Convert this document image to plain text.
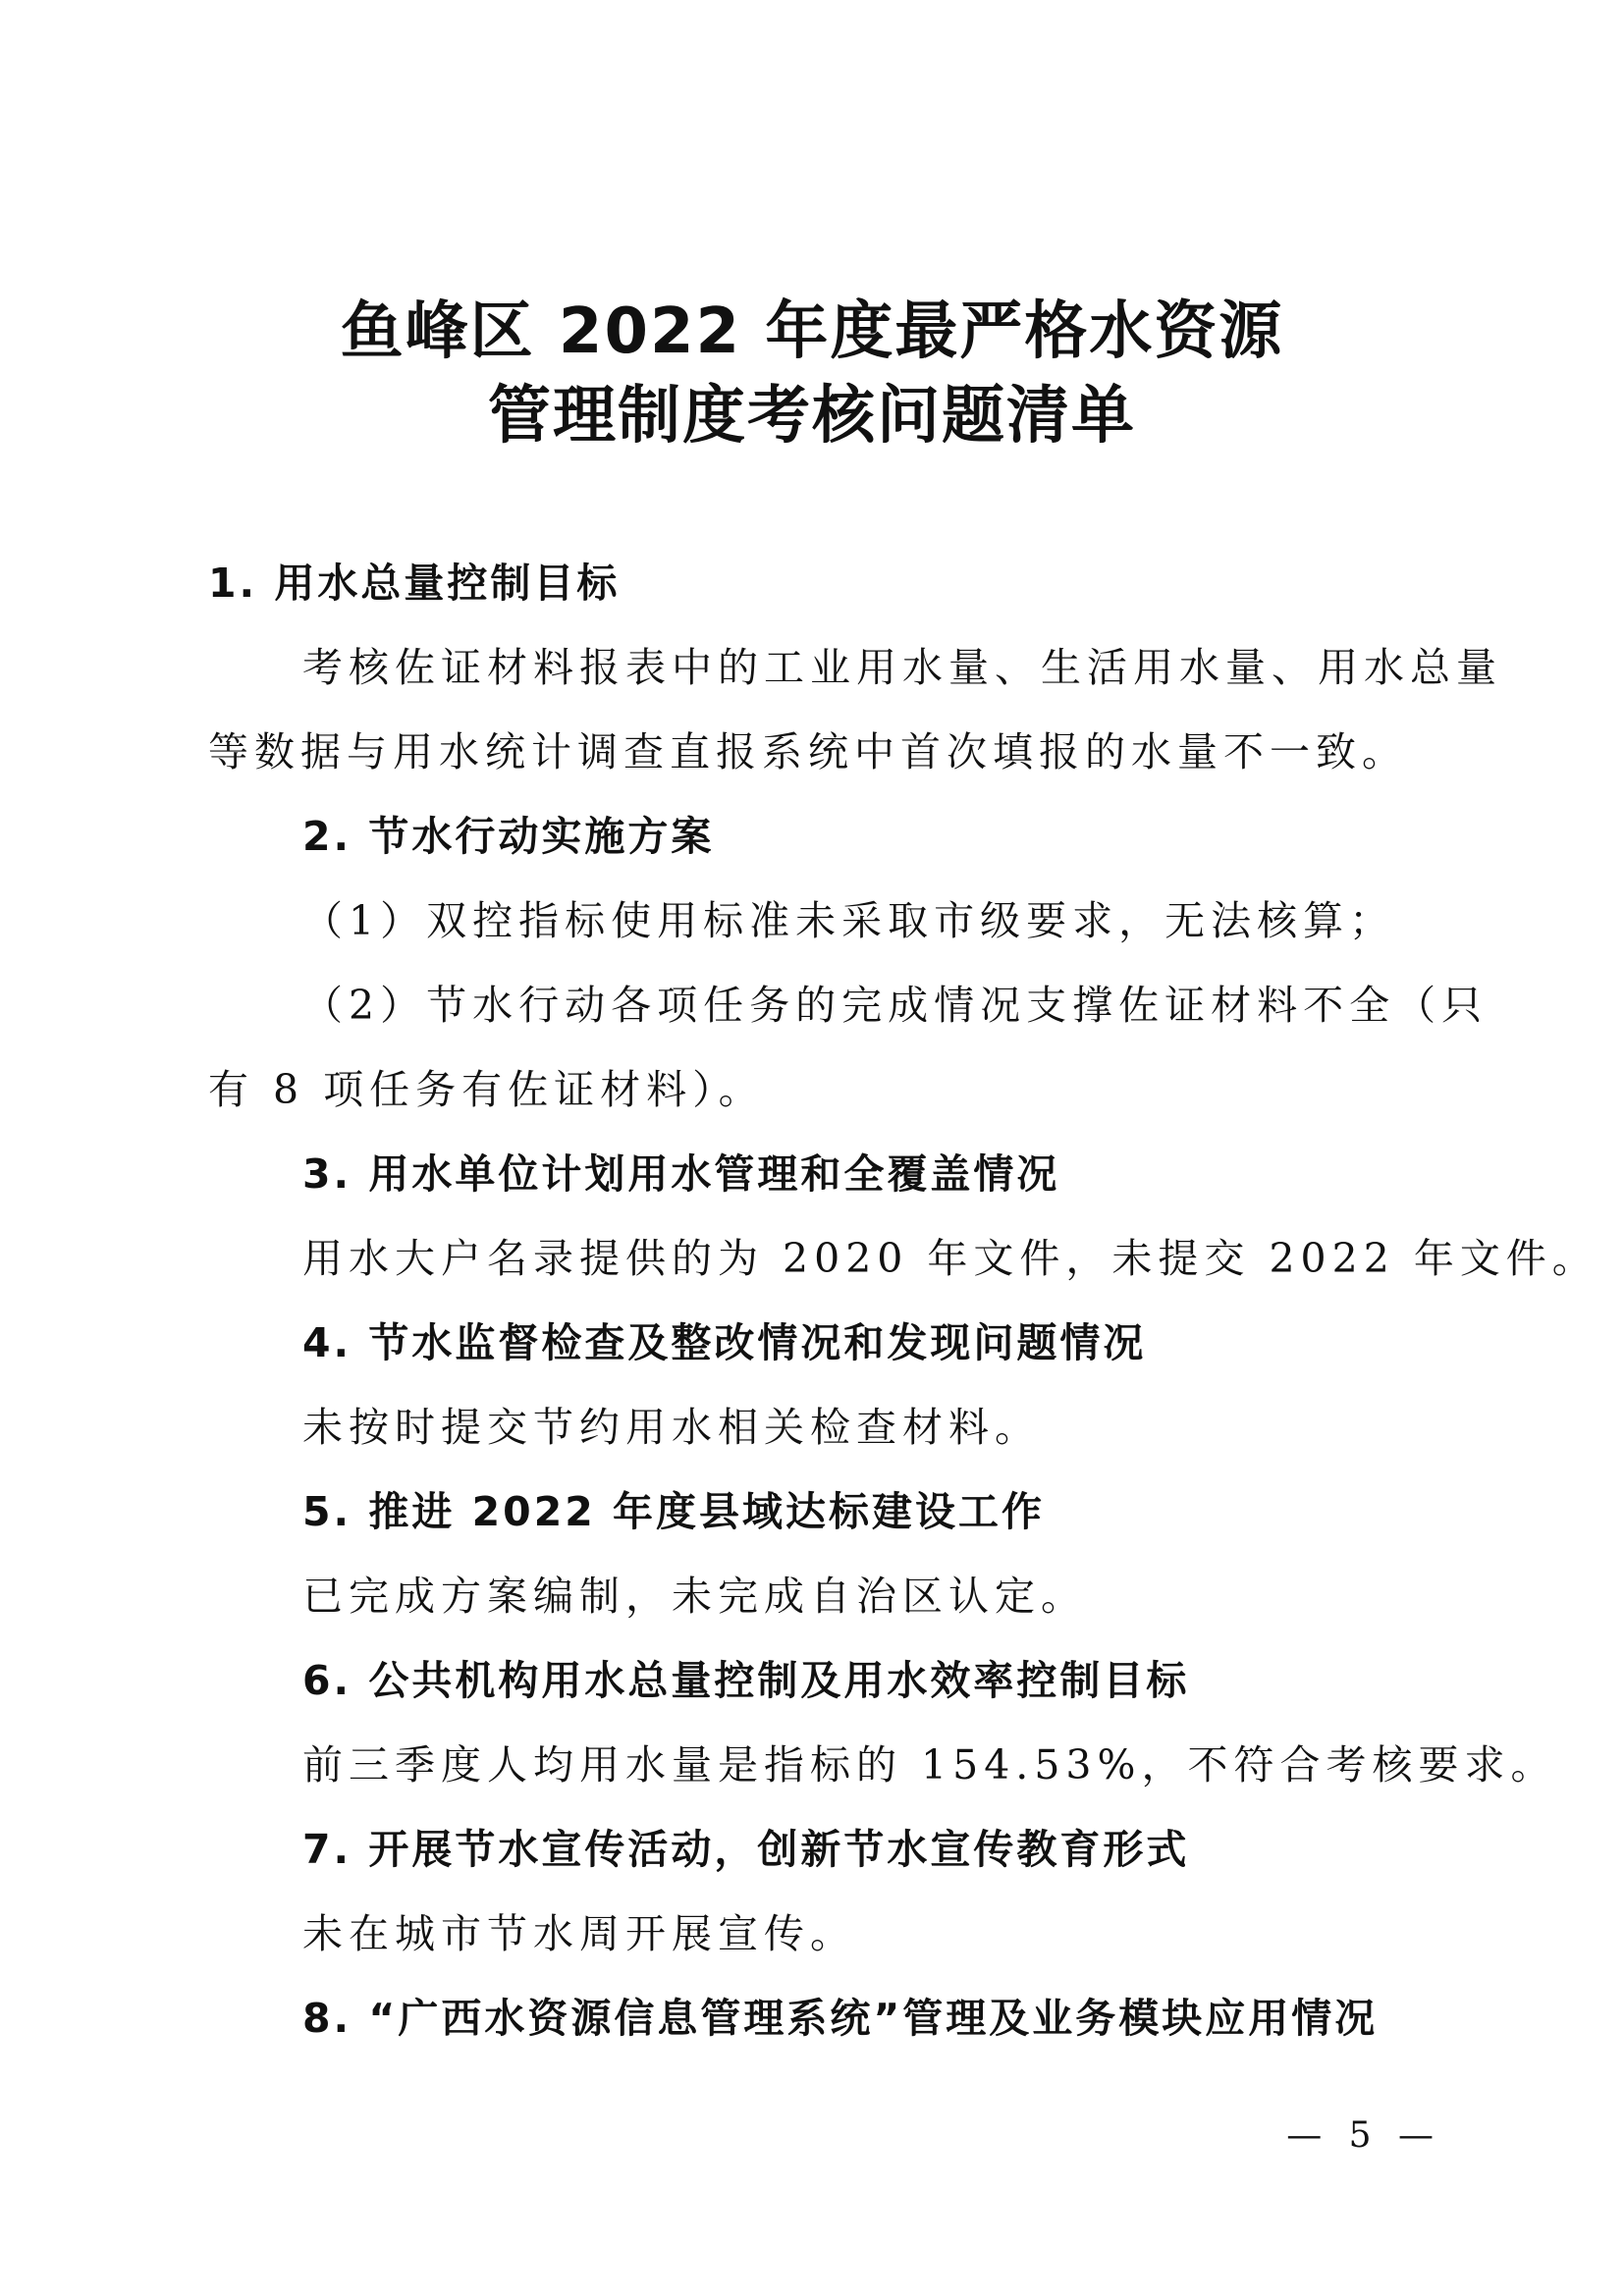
鱼峰区 2022 年度最严格水资源
管理制度考核问题清单

1. 用水总量控制目标

考核佐证材料报表中的工业用水量、生活用水量、用水总量

等数据与用水统计调查直报系统中首次填报的水量不一致。

2. 节水行动实施方案

（1）双控指标使用标准未采取市级要求，无法核算；

（2）节水行动各项任务的完成情况支撑佐证材料不全（只

有 8 项任务有佐证材料）。

3. 用水单位计划用水管理和全覆盖情况

用水大户名录提供的为 2020 年文件，未提交 2022 年文件。

4. 节水监督检查及整改情况和发现问题情况

未按时提交节约用水相关检查材料。

5. 推进 2022 年度县域达标建设工作

已完成方案编制，未完成自治区认定。

6. 公共机构用水总量控制及用水效率控制目标

前三季度人均用水量是指标的 154.53%，不符合考核要求。

7. 开展节水宣传活动，创新节水宣传教育形式

未在城市节水周开展宣传。

8. “广西水资源信息管理系统”管理及业务模块应用情况

— 5 —
